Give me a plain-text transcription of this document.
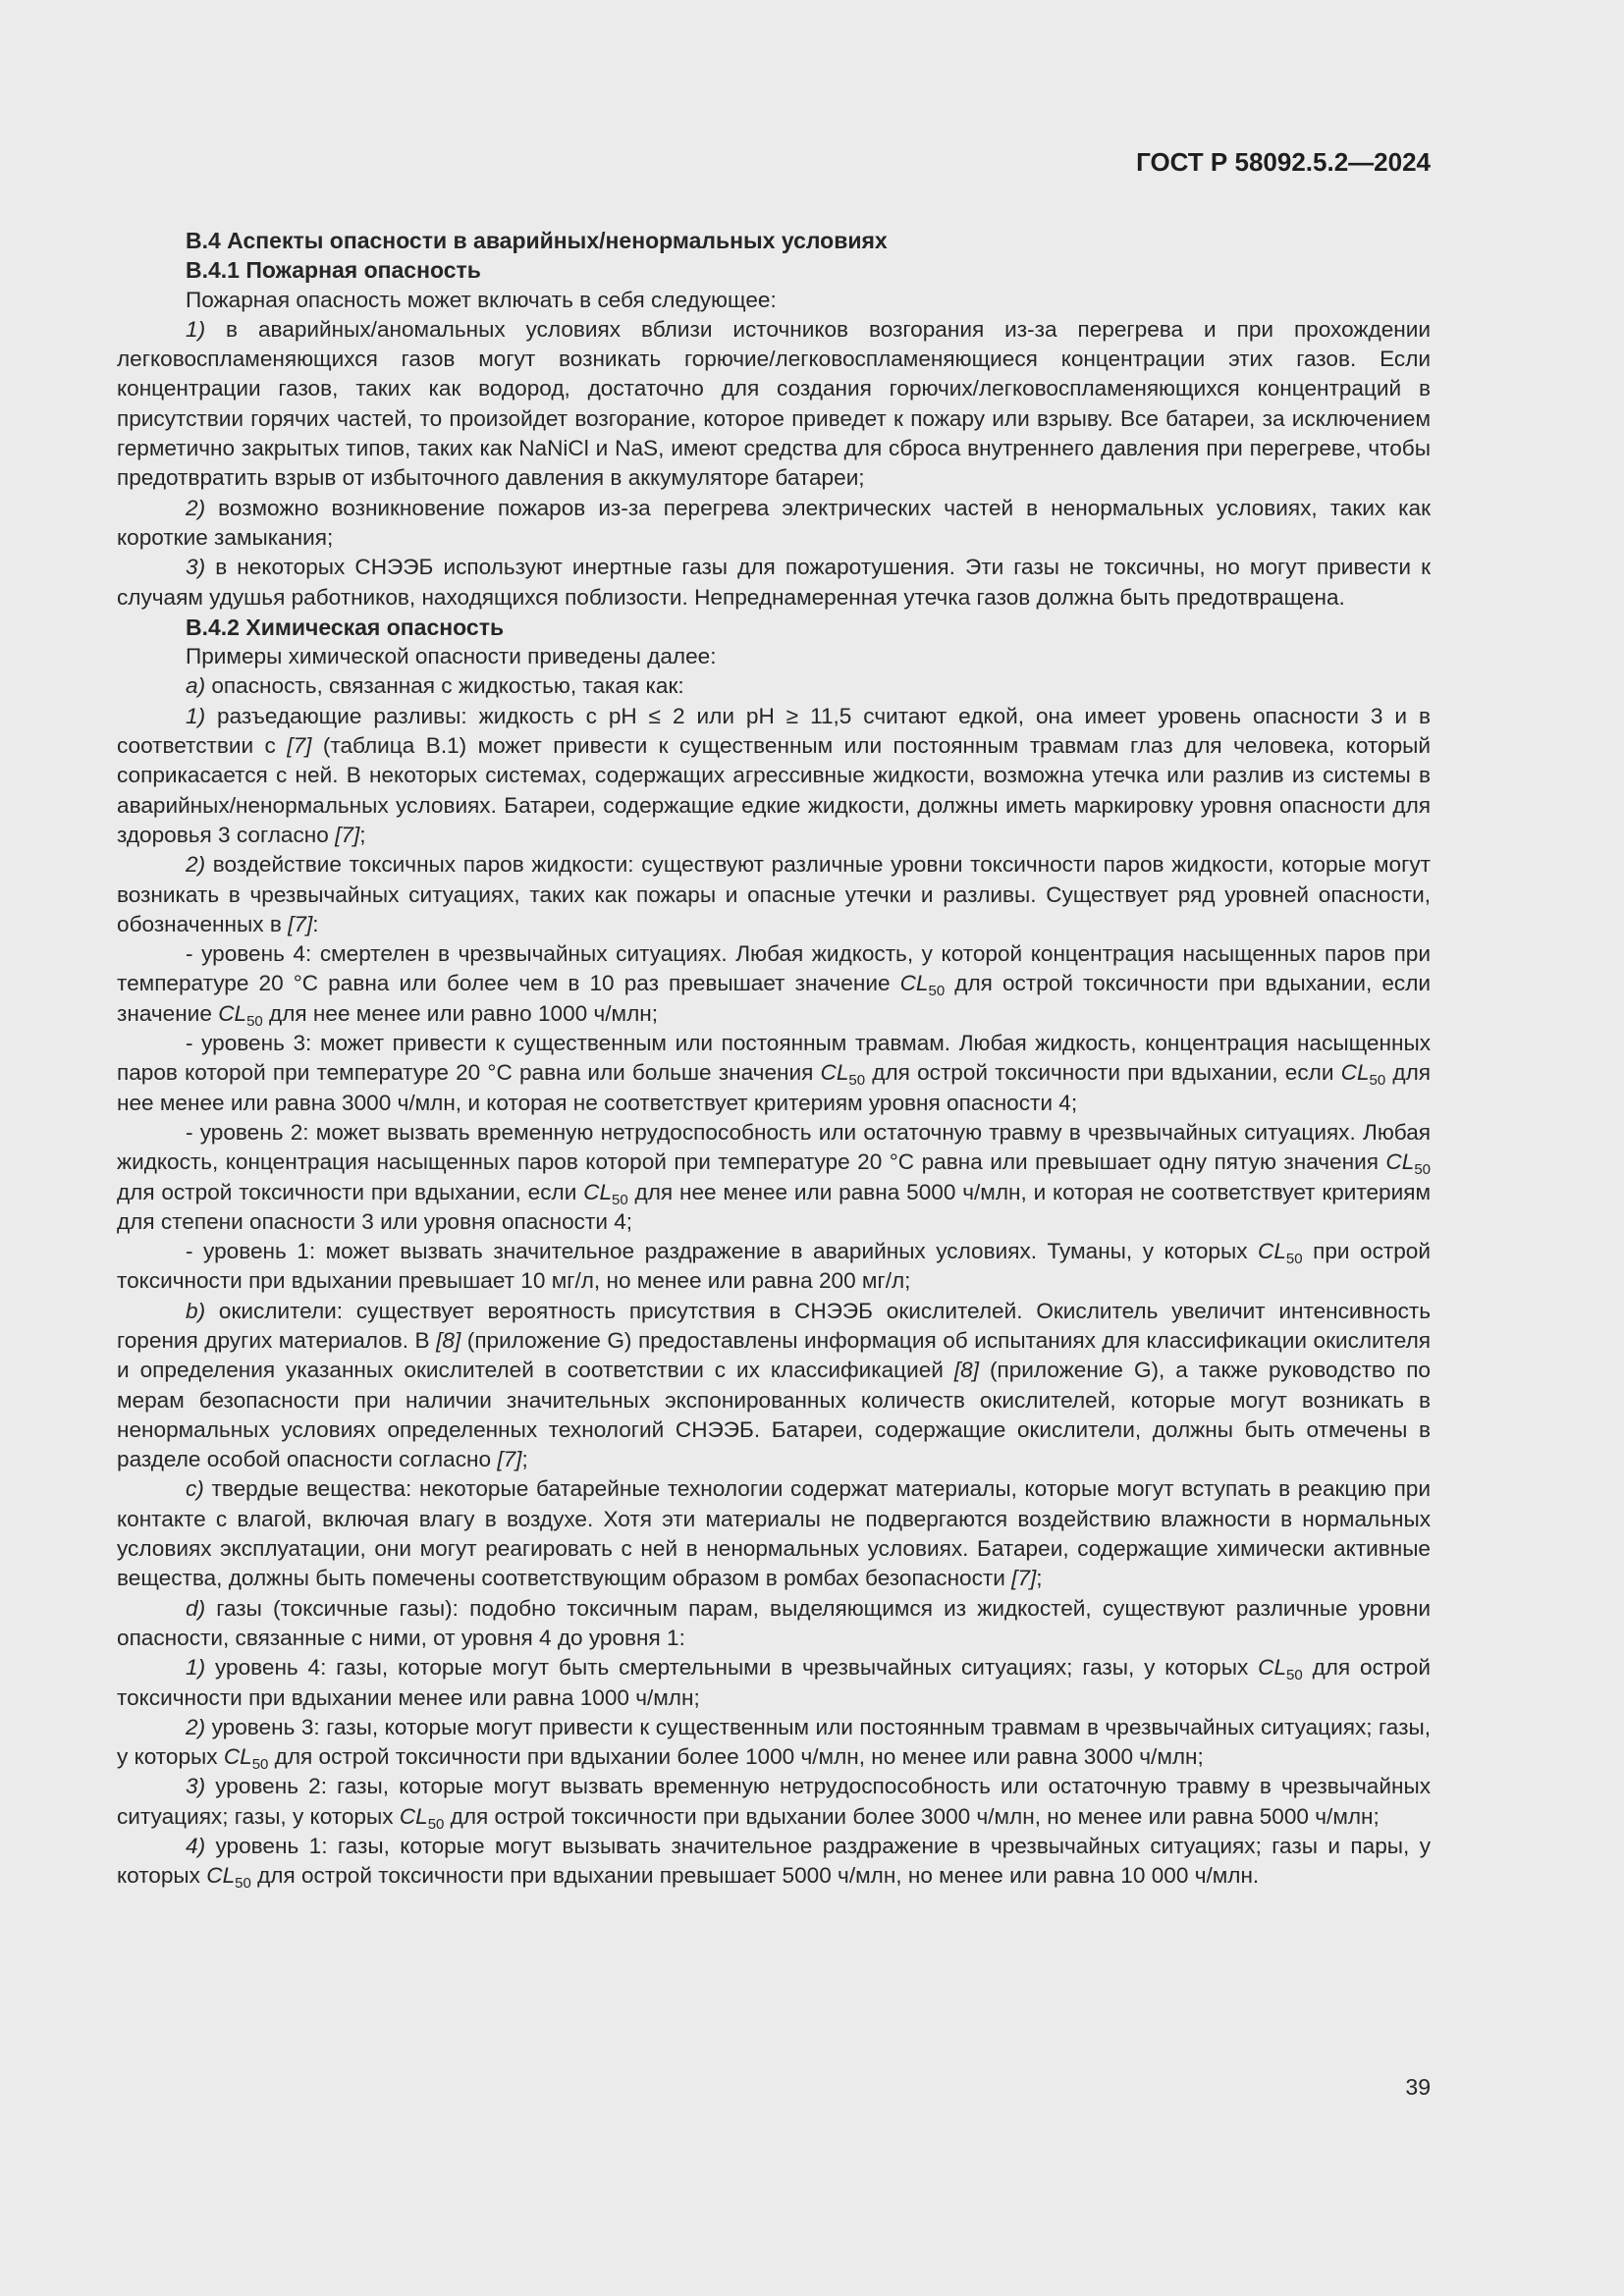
ГОСТ Р 58092.5.2—2024

В.4 Аспекты опасности в аварийных/ненормальных условиях

В.4.1 Пожарная опасность

Пожарная опасность может включать в себя следующее:

1) в аварийных/аномальных условиях вблизи источников возгорания из-за перегрева и при прохождении легковоспламеняющихся газов могут возникать горючие/легковоспламеняющиеся концентрации этих газов. Если концентрации газов, таких как водород, достаточно для создания горючих/легковоспламеняющихся концентраций в присутствии горячих частей, то произойдет возгорание, которое приведет к пожару или взрыву. Все батареи, за исключением герметично закрытых типов, таких как NaNiCl и NaS, имеют средства для сброса внутреннего давления при перегреве, чтобы предотвратить взрыв от избыточного давления в аккумуляторе батареи;

2) возможно возникновение пожаров из-за перегрева электрических частей в ненормальных условиях, таких как короткие замыкания;

3) в некоторых СНЭЭБ используют инертные газы для пожаротушения. Эти газы не токсичны, но могут привести к случаям удушья работников, находящихся поблизости. Непреднамеренная утечка газов должна быть предотвращена.

В.4.2 Химическая опасность

Примеры химической опасности приведены далее:

a) опасность, связанная с жидкостью, такая как:

1) разъедающие разливы: жидкость с pH ≤ 2 или pH ≥ 11,5 считают едкой, она имеет уровень опасности 3 и в соответствии с [7] (таблица В.1) может привести к существенным или постоянным травмам глаз для человека, который соприкасается с ней. В некоторых системах, содержащих агрессивные жидкости, возможна утечка или разлив из системы в аварийных/ненормальных условиях. Батареи, содержащие едкие жидкости, должны иметь маркировку уровня опасности для здоровья 3 согласно [7];

2) воздействие токсичных паров жидкости: существуют различные уровни токсичности паров жидкости, которые могут возникать в чрезвычайных ситуациях, таких как пожары и опасные утечки и разливы. Существует ряд уровней опасности, обозначенных в [7]:

- уровень 4: смертелен в чрезвычайных ситуациях. Любая жидкость, у которой концентрация насыщенных паров при температуре 20 °С равна или более чем в 10 раз превышает значение $CL_{50}$ для острой токсичности при вдыхании, если значение $CL_{50}$ для нее менее или равно 1000 ч/млн;

- уровень 3: может привести к существенным или постоянным травмам. Любая жидкость, концентрация насыщенных паров которой при температуре 20 °С равна или больше значения $CL_{50}$ для острой токсичности при вдыхании, если $CL_{50}$ для нее менее или равна 3000 ч/млн, и которая не соответствует критериям уровня опасности 4;

- уровень 2: может вызвать временную нетрудоспособность или остаточную травму в чрезвычайных ситуациях. Любая жидкость, концентрация насыщенных паров которой при температуре 20 °С равна или превышает одну пятую значения $CL_{50}$ для острой токсичности при вдыхании, если $CL_{50}$ для нее менее или равна 5000 ч/млн, и которая не соответствует критериям для степени опасности 3 или уровня опасности 4;

- уровень 1: может вызвать значительное раздражение в аварийных условиях. Туманы, у которых $CL_{50}$ при острой токсичности при вдыхании превышает 10 мг/л, но менее или равна 200 мг/л;

b) окислители: существует вероятность присутствия в СНЭЭБ окислителей. Окислитель увеличит интенсивность горения других материалов. В [8] (приложение G) предоставлены информация об испытаниях для классификации окислителя и определения указанных окислителей в соответствии с их классификацией [8] (приложение G), а также руководство по мерам безопасности при наличии значительных экспонированных количеств окислителей, которые могут возникать в ненормальных условиях определенных технологий СНЭЭБ. Батареи, содержащие окислители, должны быть отмечены в разделе особой опасности согласно [7];

c) твердые вещества: некоторые батарейные технологии содержат материалы, которые могут вступать в реакцию при контакте с влагой, включая влагу в воздухе. Хотя эти материалы не подвергаются воздействию влажности в нормальных условиях эксплуатации, они могут реагировать с ней в ненормальных условиях. Батареи, содержащие химически активные вещества, должны быть помечены соответствующим образом в ромбах безопасности [7];

d) газы (токсичные газы): подобно токсичным парам, выделяющимся из жидкостей, существуют различные уровни опасности, связанные с ними, от уровня 4 до уровня 1:

1) уровень 4: газы, которые могут быть смертельными в чрезвычайных ситуациях; газы, у которых $CL_{50}$ для острой токсичности при вдыхании менее или равна 1000 ч/млн;

2) уровень 3: газы, которые могут привести к существенным или постоянным травмам в чрезвычайных ситуациях; газы, у которых $CL_{50}$ для острой токсичности при вдыхании более 1000 ч/млн, но менее или равна 3000 ч/млн;

3) уровень 2: газы, которые могут вызвать временную нетрудоспособность или остаточную травму в чрезвычайных ситуациях; газы, у которых $CL_{50}$ для острой токсичности при вдыхании более 3000 ч/млн, но менее или равна 5000 ч/млн;

4) уровень 1: газы, которые могут вызывать значительное раздражение в чрезвычайных ситуациях; газы и пары, у которых $CL_{50}$ для острой токсичности при вдыхании превышает 5000 ч/млн, но менее или равна 10 000 ч/млн.

39
